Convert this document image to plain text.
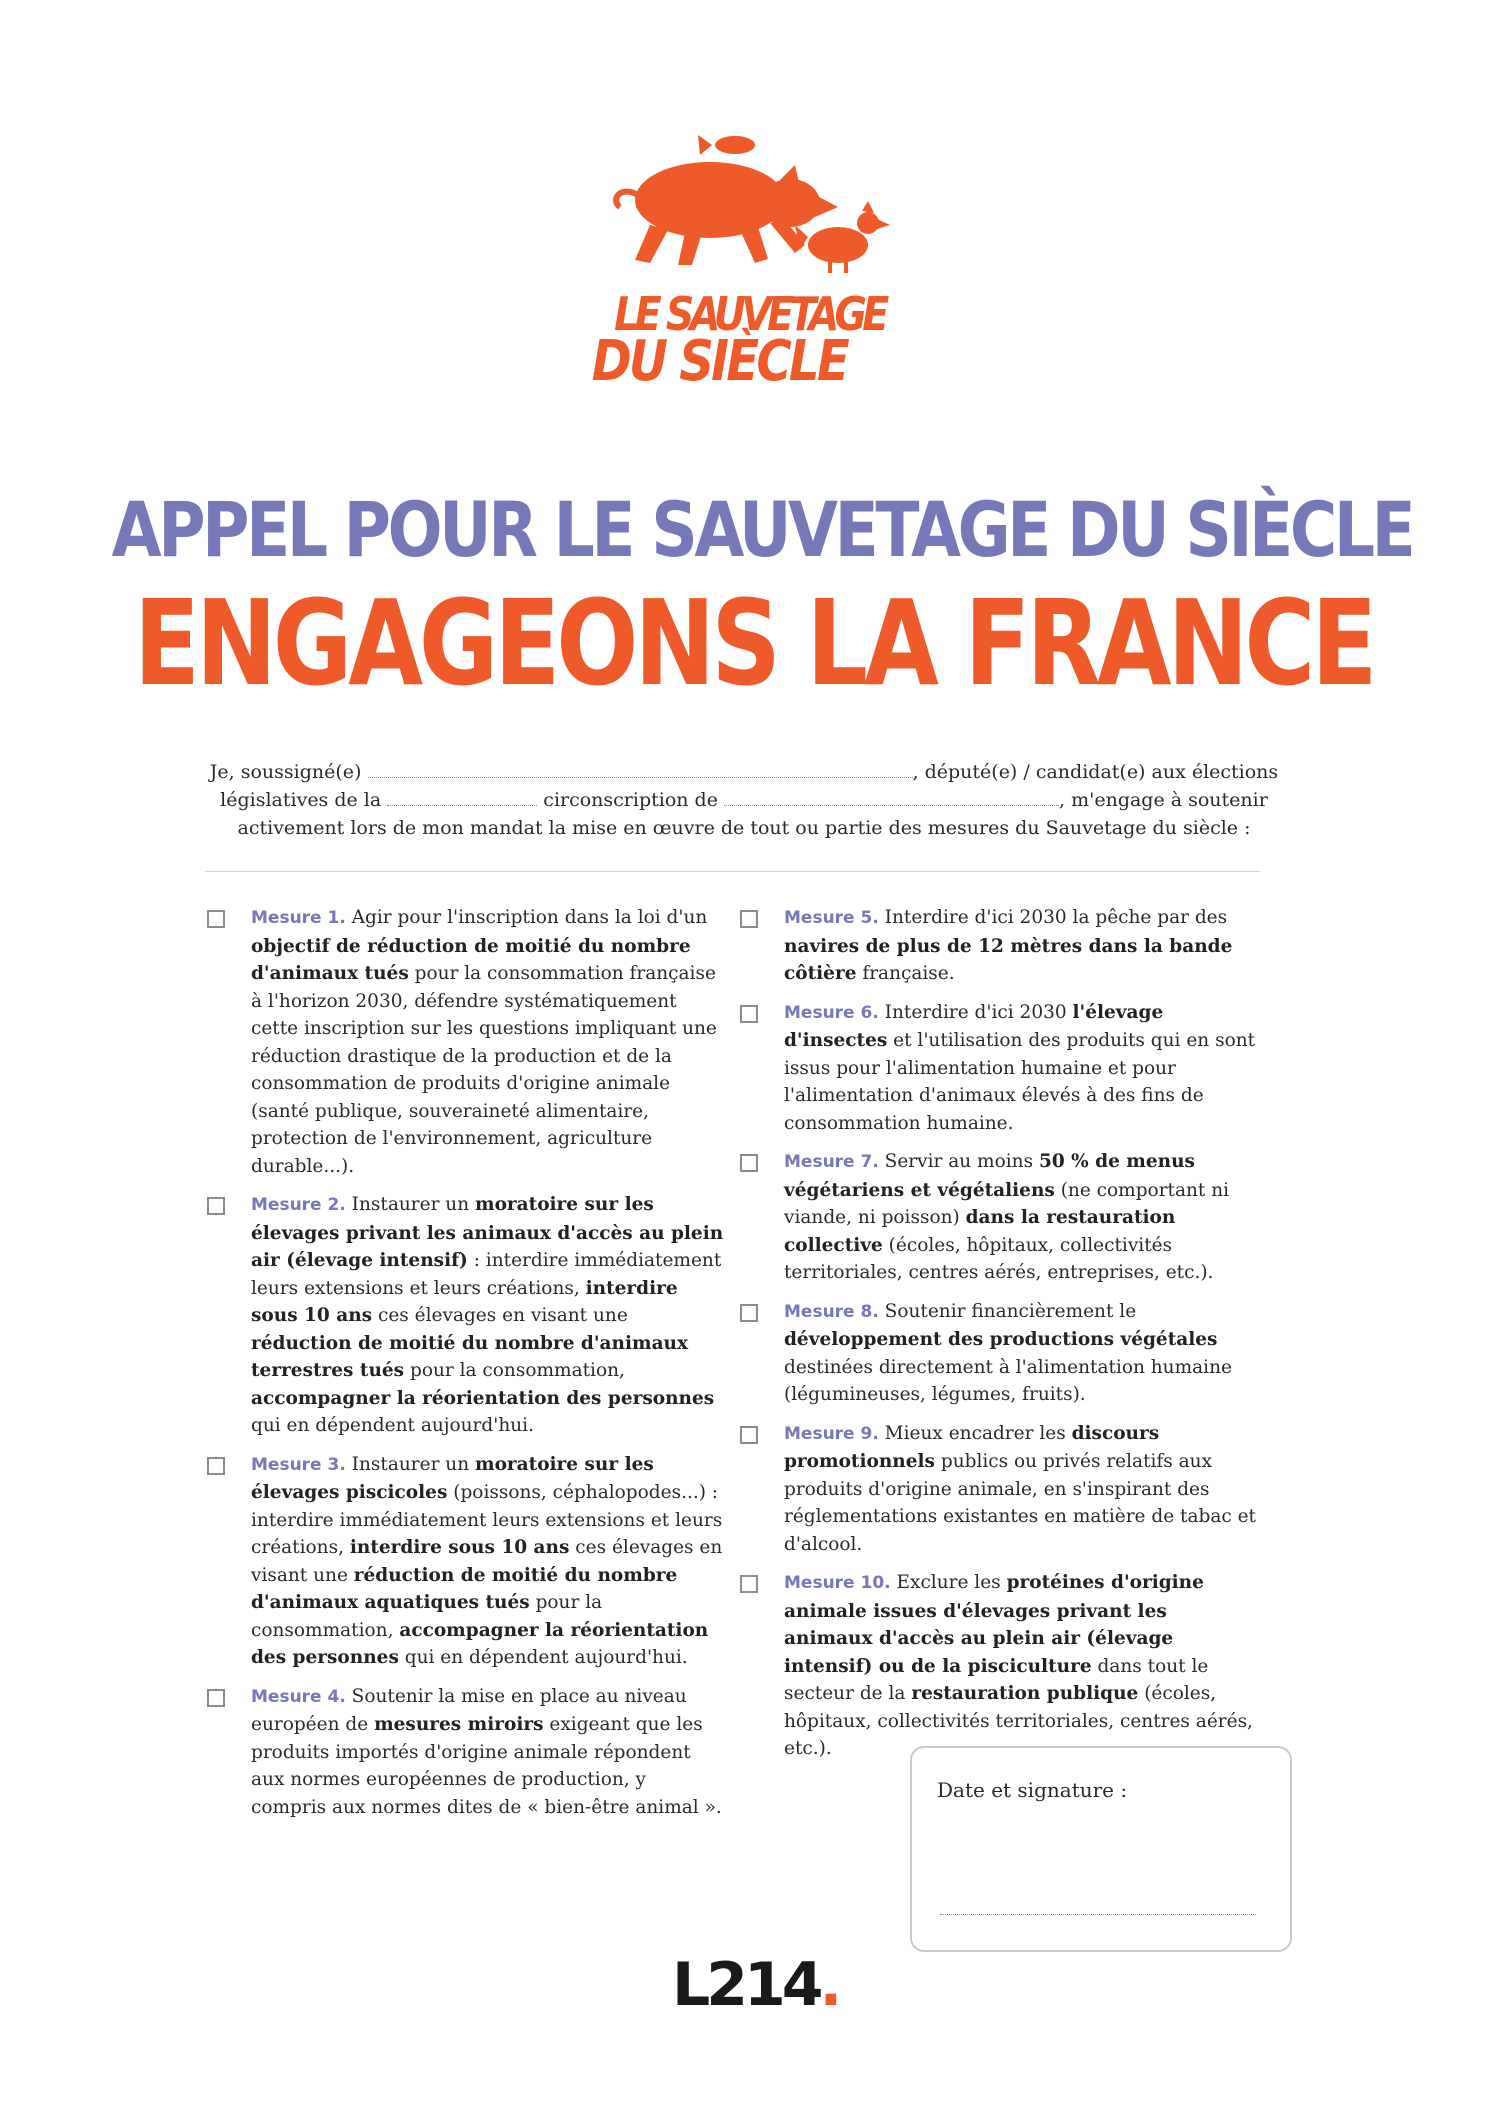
LE SAUVETAGE
DU SIÈCLE
APPEL POUR LE SAUVETAGE DU SIÈCLE
ENGAGEONS LA FRANCE
Je, soussigné(e)	, député(e) / candidat(e) aux élections législatives de la	circonscription de	, m'engage à soutenir activement lors de mon mandat la mise en œuvre de tout ou partie des mesures du Sauvetage du siècle :
Mesure 1. Agir pour l'inscription dans la loi d'un objectif de réduction de moitié du nombre d'animaux tués pour la consommation française à l'horizon 2030, défendre systématiquement cette inscription sur les questions impliquant une réduction drastique de la production et de la consommation de produits d'origine animale (santé publique, souveraineté alimentaire, protection de l'environnement, agriculture durable...).
Mesure 2. Instaurer un moratoire sur les élevages privant les animaux d'accès au plein air (élevage intensif) : interdire immédiatement leurs extensions et leurs créations, interdire sous 10 ans ces élevages en visant une réduction de moitié du nombre d'animaux terrestres tués pour la consommation, accompagner la réorientation des personnes qui en dépendent aujourd'hui.
Mesure 3. Instaurer un moratoire sur les élevages piscicoles (poissons, céphalopodes...) : interdire immédiatement leurs extensions et leurs créations, interdire sous 10 ans ces élevages en visant une réduction de moitié du nombre d'animaux aquatiques tués pour la consommation, accompagner la réorientation des personnes qui en dépendent aujourd'hui.
Mesure 4. Soutenir la mise en place au niveau européen de mesures miroirs exigeant que les produits importés d'origine animale répondent aux normes européennes de production, y compris aux normes dites de « bien-être animal ».
Mesure 5. Interdire d'ici 2030 la pêche par des navires de plus de 12 mètres dans la bande côtière française.
Mesure 6. Interdire d'ici 2030 l'élevage d'insectes et l'utilisation des produits qui en sont issus pour l'alimentation humaine et pour l'alimentation d'animaux élevés à des fins de consommation humaine.
Mesure 7. Servir au moins 50 % de menus végétariens et végétaliens (ne comportant ni viande, ni poisson) dans la restauration collective (écoles, hôpitaux, collectivités territoriales, centres aérés, entreprises, etc.).
Mesure 8. Soutenir financièrement le développement des productions végétales destinées directement à l'alimentation humaine (légumineuses, légumes, fruits).
Mesure 9. Mieux encadrer les discours promotionnels publics ou privés relatifs aux produits d'origine animale, en s'inspirant des réglementations existantes en matière de tabac et d'alcool.
Mesure 10. Exclure les protéines d'origine animale issues d'élevages privant les animaux d'accès au plein air (élevage intensif) ou de la pisciculture dans tout le secteur de la restauration publique (écoles, hôpitaux, collectivités territoriales, centres aérés, etc.).
Date et signature :
L214.
